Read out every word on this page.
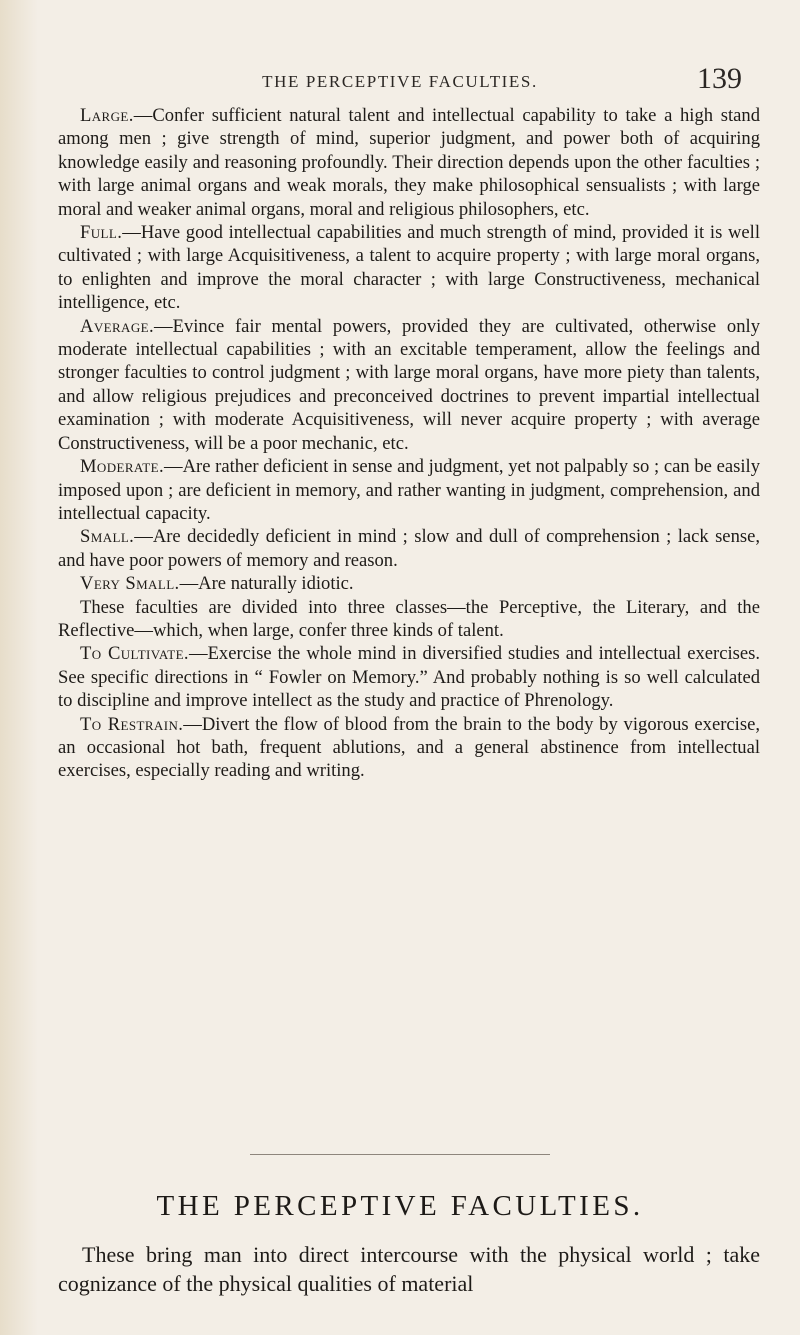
THE PERCEPTIVE FACULTIES.	139

Large.—Confer sufficient natural talent and intellectual capability to take a high stand among men ; give strength of mind, superior judgment, and power both of acquiring knowledge easily and reasoning profoundly. Their direction depends upon the other faculties ; with large animal organs and weak morals, they make philosophical sensualists ; with large moral and weaker animal organs, moral and religious philosophers, etc.

Full.—Have good intellectual capabilities and much strength of mind, provided it is well cultivated ; with large Acquisitiveness, a talent to acquire property ; with large moral organs, to enlighten and improve the moral character ; with large Constructiveness, mechanical intelligence, etc.

Average.—Evince fair mental powers, provided they are cultivated, otherwise only moderate intellectual capabilities ; with an excitable temperament, allow the feelings and stronger faculties to control judgment ; with large moral organs, have more piety than talents, and allow religious prejudices and preconceived doctrines to prevent impartial intellectual examination ; with moderate Acquisitiveness, will never acquire property ; with average Constructiveness, will be a poor mechanic, etc.

Moderate.—Are rather deficient in sense and judgment, yet not palpably so ; can be easily imposed upon ; are deficient in memory, and rather wanting in judgment, comprehension, and intellectual capacity.

Small.—Are decidedly deficient in mind ; slow and dull of comprehension ; lack sense, and have poor powers of memory and reason.

Very Small.—Are naturally idiotic.

These faculties are divided into three classes—the Perceptive, the Literary, and the Reflective—which, when large, confer three kinds of talent.

To Cultivate.—Exercise the whole mind in diversified studies and intellectual exercises. See specific directions in “ Fowler on Memory.” And probably nothing is so well calculated to discipline and improve intellect as the study and practice of Phrenology.

To Restrain.—Divert the flow of blood from the brain to the body by vigorous exercise, an occasional hot bath, frequent ablutions, and a general abstinence from intellectual exercises, especially reading and writing.

THE PERCEPTIVE FACULTIES.

These bring man into direct intercourse with the physical world ; take cognizance of the physical qualities of material
